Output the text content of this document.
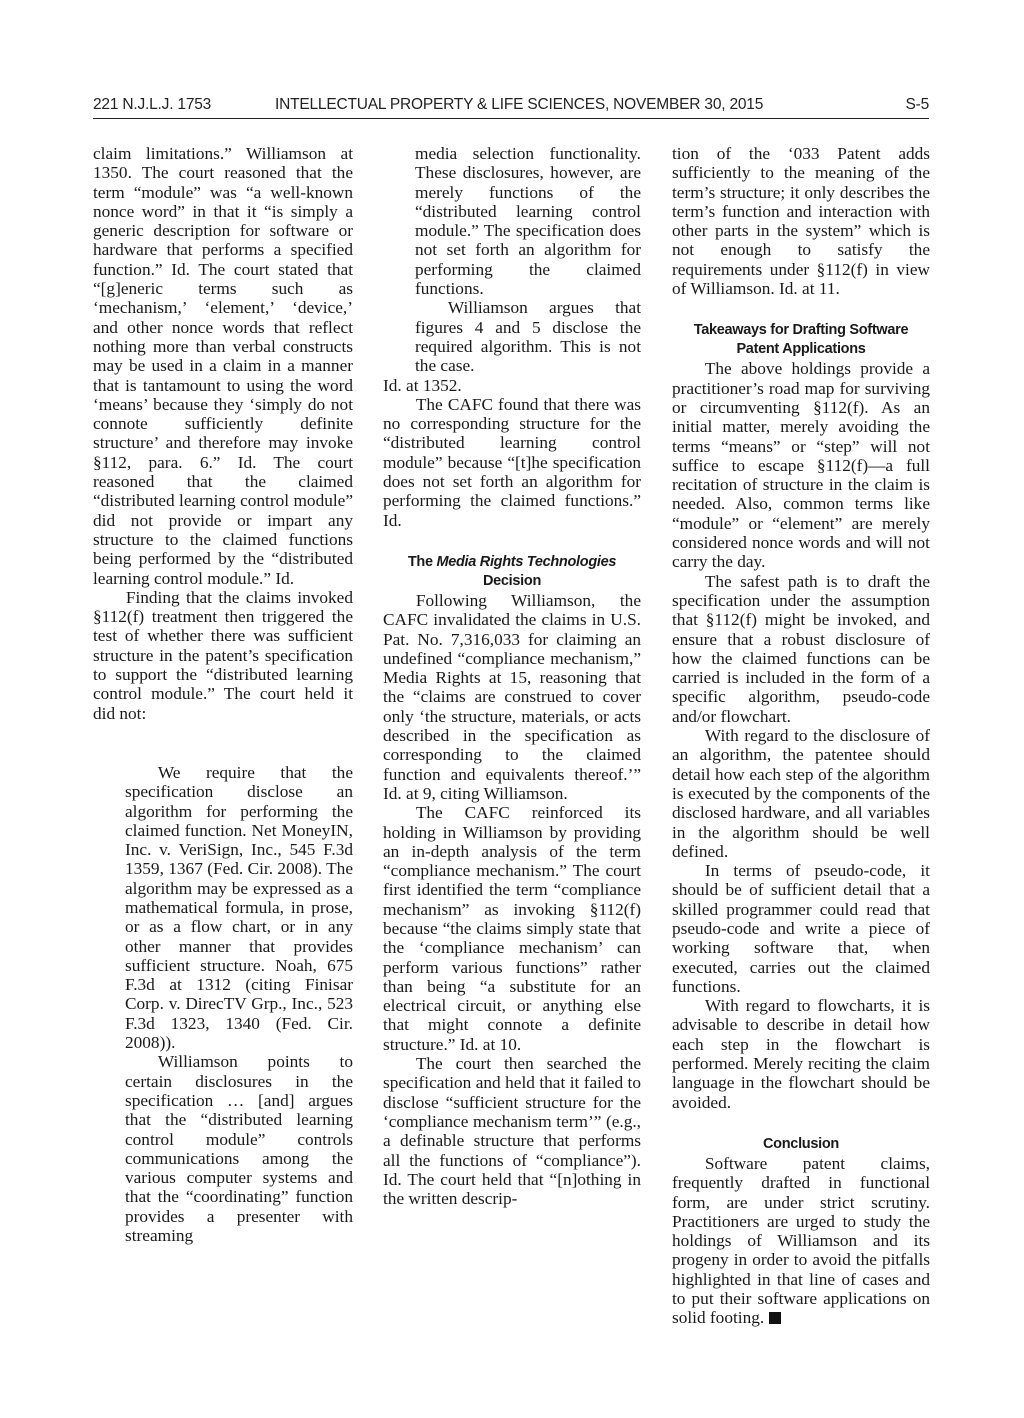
221 N.J.L.J. 1753	INTELLECTUAL PROPERTY & LIFE SCIENCES, NOVEMBER 30, 2015	S-5

claim limitations.” Williamson at 1350. The court reasoned that the term “module” was “a well-known nonce word” in that it “is simply a generic description for software or hardware that performs a specified function.” Id. The court stated that “[g]eneric terms such as ‘mechanism,’ ‘element,’ ‘device,’ and other nonce words that reflect nothing more than verbal constructs may be used in a claim in a manner that is tantamount to using the word ‘means’ because they ‘simply do not connote sufficiently definite structure’ and therefore may invoke §112, para. 6.” Id. The court reasoned that the claimed “distributed learning control module” did not provide or impart any structure to the claimed functions being performed by the “distributed learning control module.” Id.

Finding that the claims invoked §112(f) treatment then triggered the test of whether there was sufficient structure in the patent’s specification to support the “distributed learning control module.” The court held it did not:

We require that the specification disclose an algorithm for performing the claimed function. Net MoneyIN, Inc. v. VeriSign, Inc., 545 F.3d 1359, 1367 (Fed. Cir. 2008). The algorithm may be expressed as a mathematical formula, in prose, or as a flow chart, or in any other manner that provides sufficient structure. Noah, 675 F.3d at 1312 (citing Finisar Corp. v. DirecTV Grp., Inc., 523 F.3d 1323, 1340 (Fed. Cir. 2008)).

Williamson points to certain disclosures in the specification … [and] argues that the “distributed learning control module” controls communications among the various computer systems and that the “coordinating” function provides a presenter with streaming

media selection functionality. These disclosures, however, are merely functions of the “distributed learning control module.” The specification does not set forth an algorithm for performing the claimed functions.

Williamson argues that figures 4 and 5 disclose the required algorithm. This is not the case.

Id. at 1352.

The CAFC found that there was no corresponding structure for the “distributed learning control module” because “[t]he specification does not set forth an algorithm for performing the claimed functions.” Id.

The Media Rights Technologies
Decision

Following Williamson, the CAFC invalidated the claims in U.S. Pat. No. 7,316,033 for claiming an undefined “compliance mechanism,” Media Rights at 15, reasoning that the “claims are construed to cover only ‘the structure, materials, or acts described in the specification as corresponding to the claimed function and equivalents thereof.’” Id. at 9, citing Williamson.

The CAFC reinforced its holding in Williamson by providing an in-depth analysis of the term “compliance mechanism.” The court first identified the term “compliance mechanism” as invoking §112(f) because “the claims simply state that the ‘compliance mechanism’ can perform various functions” rather than being “a substitute for an electrical circuit, or anything else that might connote a definite structure.” Id. at 10.

The court then searched the specification and held that it failed to disclose “sufficient structure for the ‘compliance mechanism term’” (e.g., a definable structure that performs all the functions of “compliance”). Id. The court held that “[n]othing in the written descrip-

tion of the ‘033 Patent adds sufficiently to the meaning of the term’s structure; it only describes the term’s function and interaction with other parts in the system” which is not enough to satisfy the requirements under §112(f) in view of Williamson. Id. at 11.

Takeaways for Drafting Software
Patent Applications

The above holdings provide a practitioner’s road map for surviving or circumventing §112(f). As an initial matter, merely avoiding the terms “means” or “step” will not suffice to escape §112(f)—a full recitation of structure in the claim is needed. Also, common terms like “module” or “element” are merely considered nonce words and will not carry the day.

The safest path is to draft the specification under the assumption that §112(f) might be invoked, and ensure that a robust disclosure of how the claimed functions can be carried is included in the form of a specific algorithm, pseudo-code and/or flowchart.

With regard to the disclosure of an algorithm, the patentee should detail how each step of the algorithm is executed by the components of the disclosed hardware, and all variables in the algorithm should be well defined.

In terms of pseudo-code, it should be of sufficient detail that a skilled programmer could read that pseudo-code and write a piece of working software that, when executed, carries out the claimed functions.

With regard to flowcharts, it is advisable to describe in detail how each step in the flowchart is performed. Merely reciting the claim language in the flowchart should be avoided.

Conclusion

Software patent claims, frequently drafted in functional form, are under strict scrutiny. Practitioners are urged to study the holdings of Williamson and its progeny in order to avoid the pitfalls highlighted in that line of cases and to put their software applications on solid footing.
